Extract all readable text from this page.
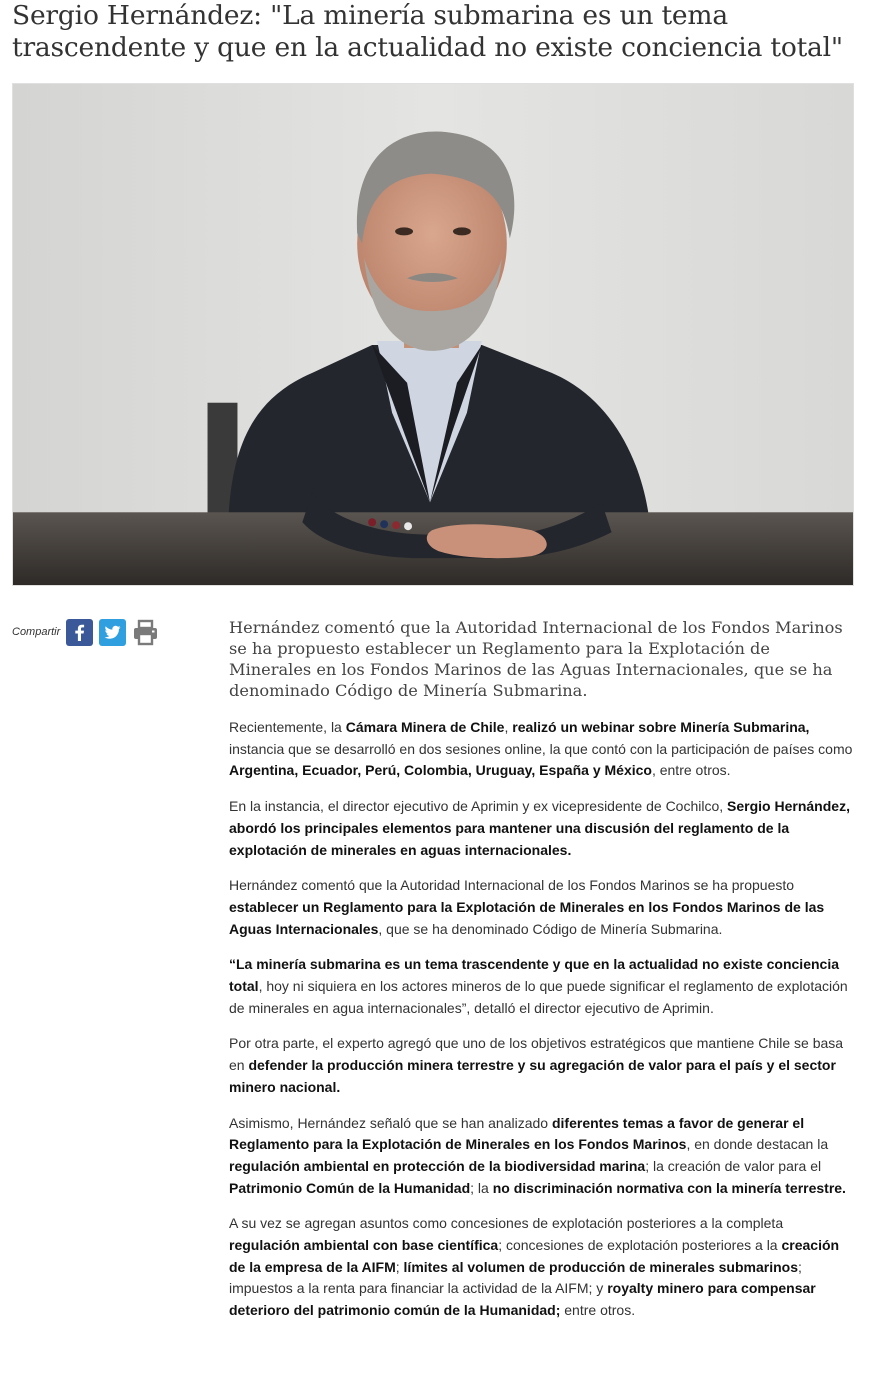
Sergio Hernández: "La minería submarina es un tema trascendente y que en la actualidad no existe conciencia total"
Compartir	Hernández comentó que la Autoridad Internacional de los Fondos Marinos se ha propuesto establecer un Reglamento para la Explotación de Minerales en los Fondos Marinos de las Aguas Internacionales, que se ha denominado Código de Minería Submarina.

Recientemente, la Cámara Minera de Chile, realizó un webinar sobre Minería Submarina, instancia que se desarrolló en dos sesiones online, la que contó con la participación de países como Argentina, Ecuador, Perú, Colombia, Uruguay, España y México, entre otros.

En la instancia, el director ejecutivo de Aprimin y ex vicepresidente de Cochilco, Sergio Hernández, abordó los principales elementos para mantener una discusión del reglamento de la explotación de minerales en aguas internacionales.

Hernández comentó que la Autoridad Internacional de los Fondos Marinos se ha propuesto establecer un Reglamento para la Explotación de Minerales en los Fondos Marinos de las Aguas Internacionales, que se ha denominado Código de Minería Submarina.

“La minería submarina es un tema trascendente y que en la actualidad no existe conciencia total, hoy ni siquiera en los actores mineros de lo que puede significar el reglamento de explotación de minerales en agua internacionales”, detalló el director ejecutivo de Aprimin.

Por otra parte, el experto agregó que uno de los objetivos estratégicos que mantiene Chile se basa en defender la producción minera terrestre y su agregación de valor para el país y el sector minero nacional.

Asimismo, Hernández señaló que se han analizado diferentes temas a favor de generar el Reglamento para la Explotación de Minerales en los Fondos Marinos, en donde destacan la regulación ambiental en protección de la biodiversidad marina; la creación de valor para el Patrimonio Común de la Humanidad; la no discriminación normativa con la minería terrestre.

A su vez se agregan asuntos como concesiones de explotación posteriores a la completa regulación ambiental con base científica; concesiones de explotación posteriores a la creación de la empresa de la AIFM; límites al volumen de producción de minerales submarinos; impuestos a la renta para financiar la actividad de la AIFM; y royalty minero para compensar deterioro del patrimonio común de la Humanidad; entre otros.
